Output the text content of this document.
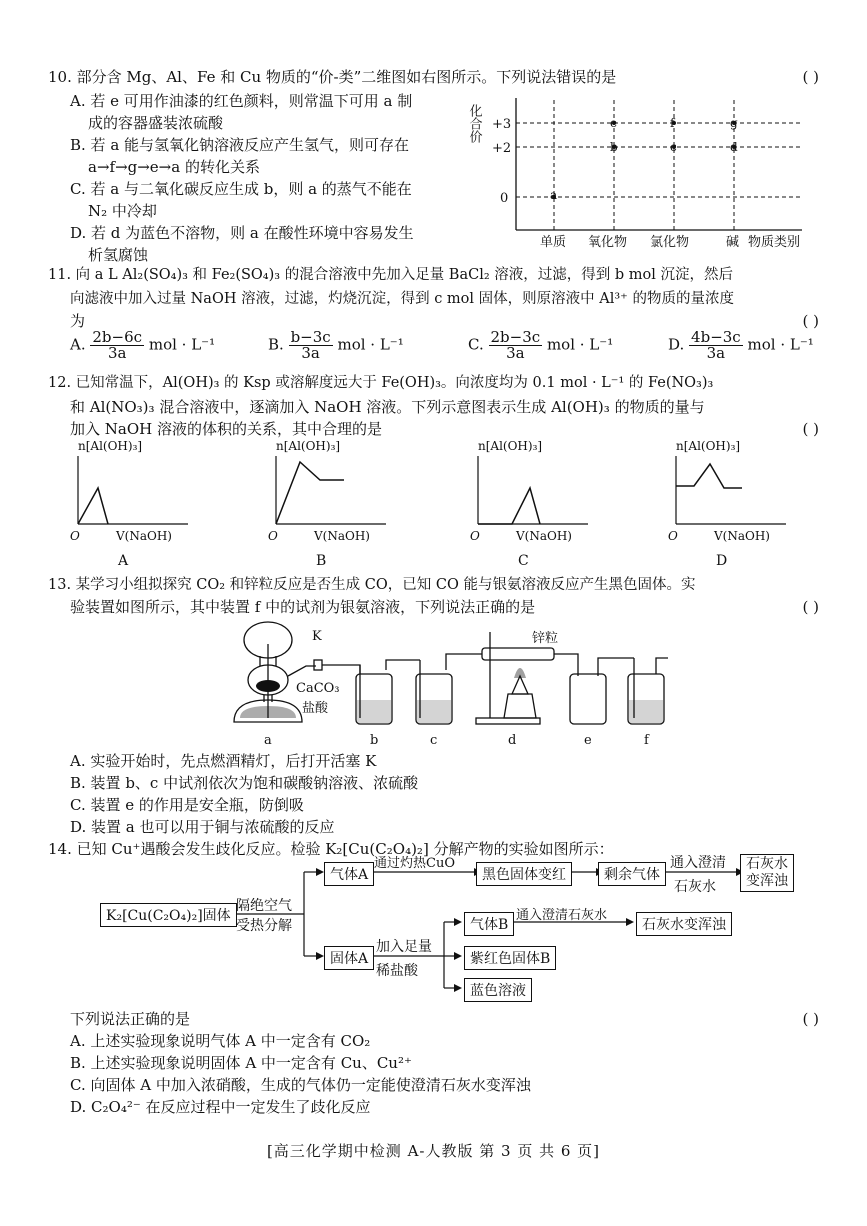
10. 部分含 Mg、Al、Fe 和 Cu 物质的“价-类”二维图如右图所示。下列说法错误的是	( )
A. 若 e 可用作油漆的红色颜料，则常温下可用 a 制
成的容器盛装浓硫酸
B. 若 a 能与氢氧化钠溶液反应产生氢气，则可存在
a→f→g→e→a 的转化关系
C. 若 a 与二氧化碳反应生成 b，则 a 的蒸气不能在
N₂ 中冷却
D. 若 d 为蓝色不溶物，则 a 在酸性环境中容易发生
析氢腐蚀
化合价 +3
+2
0	a
b	c	d
e	f	g
单质 氧化物 氯化物	碱 物质类别
11. 向 a L Al₂(SO₄)₃ 和 Fe₂(SO₄)₃ 的混合溶液中先加入足量 BaCl₂ 溶液，过滤，得到 b mol 沉淀，然后
向滤液中加入过量 NaOH 溶液，过滤，灼烧沉淀，得到 c mol 固体，则原溶液中 Al³⁺ 的物质的量浓度
为	( )
A. $\frac{2b-6c}{3a}$ mol · L⁻¹	B. $\frac{b-3c}{3a}$ mol · L⁻¹	C. $\frac{2b-3c}{3a}$ mol · L⁻¹	D. $\frac{4b-3c}{3a}$ mol · L⁻¹
12. 已知常温下，Al(OH)₃ 的 Ksp 或溶解度远大于 Fe(OH)₃。向浓度均为 0.1 mol · L⁻¹ 的 Fe(NO₃)₃
和 Al(NO₃)₃ 混合溶液中，逐滴加入 NaOH 溶液。下列示意图表示生成 Al(OH)₃ 的物质的量与
加入 NaOH 溶液的体积的关系，其中合理的是	( )
n[Al(OH)₃]
O	V(NaOH)
A
n[Al(OH)₃]
O	V(NaOH)
B
n[Al(OH)₃]
O	V(NaOH)
C
n[Al(OH)₃]
O	V(NaOH)
D
13. 某学习小组拟探究 CO₂ 和锌粒反应是否生成 CO，已知 CO 能与银氨溶液反应产生黑色固体。实
验装置如图所示，其中装置 f 中的试剂为银氨溶液，下列说法正确的是	( )
K
CaCO₃
盐酸
锌粒
a	b	c	d	e	f
A. 实验开始时，先点燃酒精灯，后打开活塞 K
B. 装置 b、c 中试剂依次为饱和碳酸钠溶液、浓硫酸
C. 装置 e 的作用是安全瓶，防倒吸
D. 装置 a 也可以用于铜与浓硫酸的反应
14. 已知 Cu⁺遇酸会发生歧化反应。检验 K₂[Cu(C₂O₄)₂] 分解产物的实验如图所示：
K₂[Cu(C₂O₄)₂]固体
隔绝空气
受热分解
气体A
通过灼热CuO
黑色固体变红	剩余气体
通入澄清
石灰水
石灰水
变浑浊
固体A
加入足量
稀盐酸
气体B
通入澄清石灰水
石灰水变浑浊
紫红色固体B
蓝色溶液
下列说法正确的是	( )
A. 上述实验现象说明气体 A 中一定含有 CO₂
B. 上述实验现象说明固体 A 中一定含有 Cu、Cu²⁺
C. 向固体 A 中加入浓硝酸，生成的气体仍一定能使澄清石灰水变浑浊
D. C₂O₄²⁻ 在反应过程中一定发生了歧化反应
[高三化学期中检测 A-人教版 第 3 页 共 6 页]
